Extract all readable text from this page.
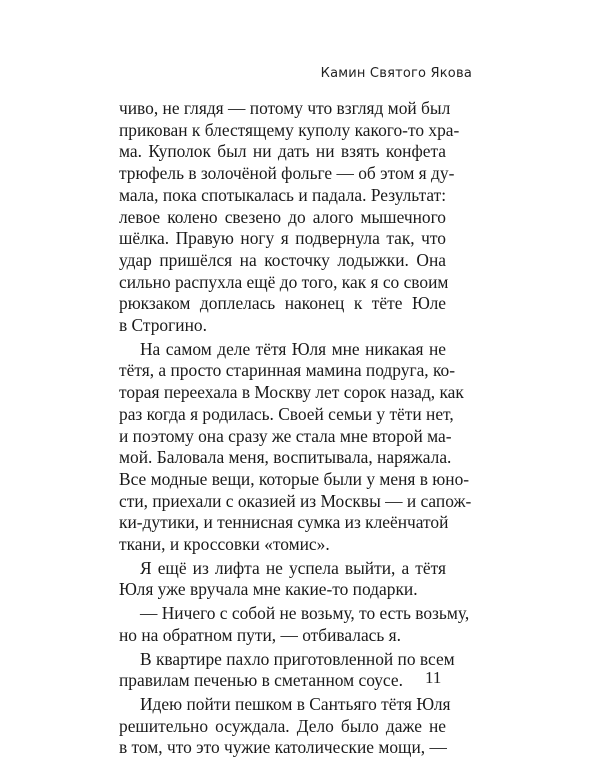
Камин Святого Якова
чиво, не глядя — потому что взгляд мой был
прикован к блестящему куполу какого-то хра-
ма. Куполок был ни дать ни взять конфета
трюфель в золочёной фольге — об этом я ду-
мала, пока спотыкалась и падала. Результат:
левое колено свезено до алого мышечного
шёлка. Правую ногу я подвернула так, что
удар пришёлся на косточку лодыжки. Она
сильно распухла ещё до того, как я со своим
рюкзаком доплелась наконец к тёте Юле
в Строгино.
На самом деле тётя Юля мне никакая не
тётя, а просто старинная мамина подруга, ко-
торая переехала в Москву лет сорок назад, как
раз когда я родилась. Своей семьи у тёти нет,
и поэтому она сразу же стала мне второй ма-
мой. Баловала меня, воспитывала, наряжала.
Все модные вещи, которые были у меня в юно-
сти, приехали с оказией из Москвы — и сапож-
ки-дутики, и теннисная сумка из клеёнчатой
ткани, и кроссовки «томис».
Я ещё из лифта не успела выйти, а тётя
Юля уже вручала мне какие-то подарки.
— Ничего с собой не возьму, то есть возьму,
но на обратном пути, — отбивалась я.
В квартире пахло приготовленной по всем
правилам печенью в сметанном соусе.
Идею пойти пешком в Сантьяго тётя Юля
решительно осуждала. Дело было даже не
в том, что это чужие католические мощи, —
11
